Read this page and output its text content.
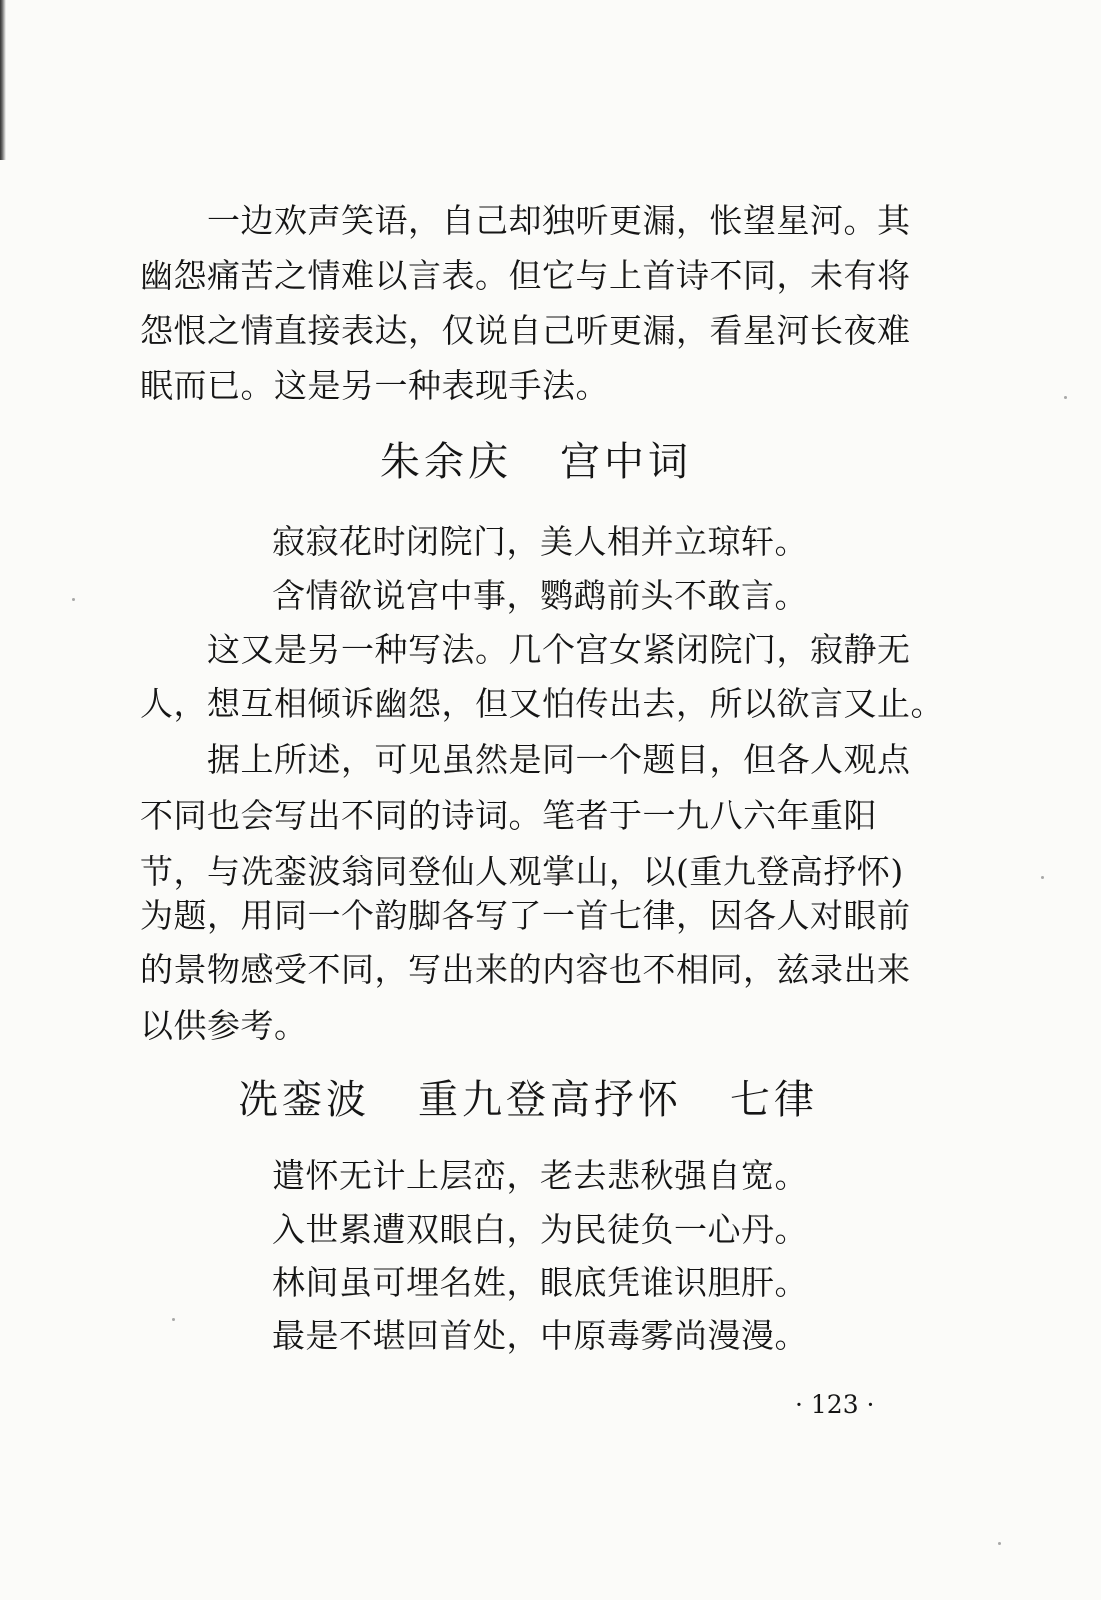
一边欢声笑语，自己却独听更漏，怅望星河。其
幽怨痛苦之情难以言表。但它与上首诗不同，未有将
怨恨之情直接表达，仅说自己听更漏，看星河长夜难
眠而已。这是另一种表现手法。
朱余庆 宫中词
寂寂花时闭院门，美人相并立琼轩。
含情欲说宫中事，鹦鹉前头不敢言。
这又是另一种写法。几个宫女紧闭院门，寂静无
人，想互相倾诉幽怨，但又怕传出去，所以欲言又止。
据上所述，可见虽然是同一个题目，但各人观点
不同也会写出不同的诗词。笔者于一九八六年重阳
节，与冼銮波翁同登仙人观掌山，以(重九登高抒怀)
为题，用同一个韵脚各写了一首七律，因各人对眼前
的景物感受不同，写出来的内容也不相同，兹录出来
以供参考。
冼銮波 重九登高抒怀 七律
遣怀无计上层峦，老去悲秋强自宽。
入世累遭双眼白，为民徒负一心丹。
林间虽可埋名姓，眼底凭谁识胆肝。
最是不堪回首处，中原毒雾尚漫漫。
· 123 ·
